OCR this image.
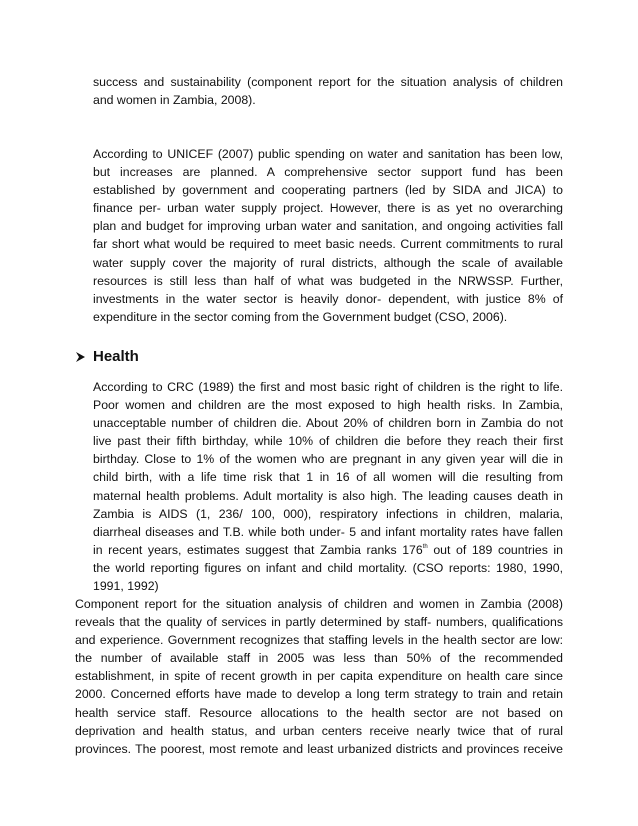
success and sustainability (component report for the situation analysis of children
and women in Zambia, 2008).
According to UNICEF (2007) public spending on water and sanitation has been low,
but increases are planned. A comprehensive sector support fund has been
established by government and cooperating partners (led by SIDA and JICA) to
finance per- urban water supply project. However, there is as yet no overarching
plan and budget for improving urban water and sanitation, and ongoing activities fall
far short what would be required to meet basic needs. Current commitments to rural
water supply cover the majority of rural districts, although the scale of available
resources is still less than half of what was budgeted in the NRWSSP. Further,
investments in the water sector is heavily donor- dependent, with justice 8% of
expenditure in the sector coming from the Government budget (CSO, 2006).
Health
According to CRC (1989) the first and most basic right of children is the right to life.
Poor women and children are the most exposed to high health risks. In Zambia,
unacceptable number of children die. About 20% of children born in Zambia do not
live past their fifth birthday, while 10% of children die before they reach their first
birthday. Close to 1% of the women who are pregnant in any given year will die in
child birth, with a life time risk that 1 in 16 of all women will die resulting from
maternal health problems. Adult mortality is also high. The leading causes death in
Zambia is AIDS (1, 236/ 100, 000), respiratory infections in children, malaria,
diarrheal diseases and T.B. while both under- 5 and infant mortality rates have fallen
in recent years, estimates suggest that Zambia ranks 176th out of 189 countries in
the world reporting figures on infant and child mortality. (CSO reports: 1980, 1990,
1991, 1992)
Component report for the situation analysis of children and women in Zambia (2008)
reveals that the quality of services in partly determined by staff- numbers, qualifications
and experience. Government recognizes that staffing levels in the health sector are low:
the number of available staff in 2005 was less than 50% of the recommended
establishment, in spite of recent growth in per capita expenditure on health care since
2000. Concerned efforts have made to develop a long term strategy to train and retain
health service staff. Resource allocations to the health sector are not based on
deprivation and health status, and urban centers receive nearly twice that of rural
provinces. The poorest, most remote and least urbanized districts and provinces receive
